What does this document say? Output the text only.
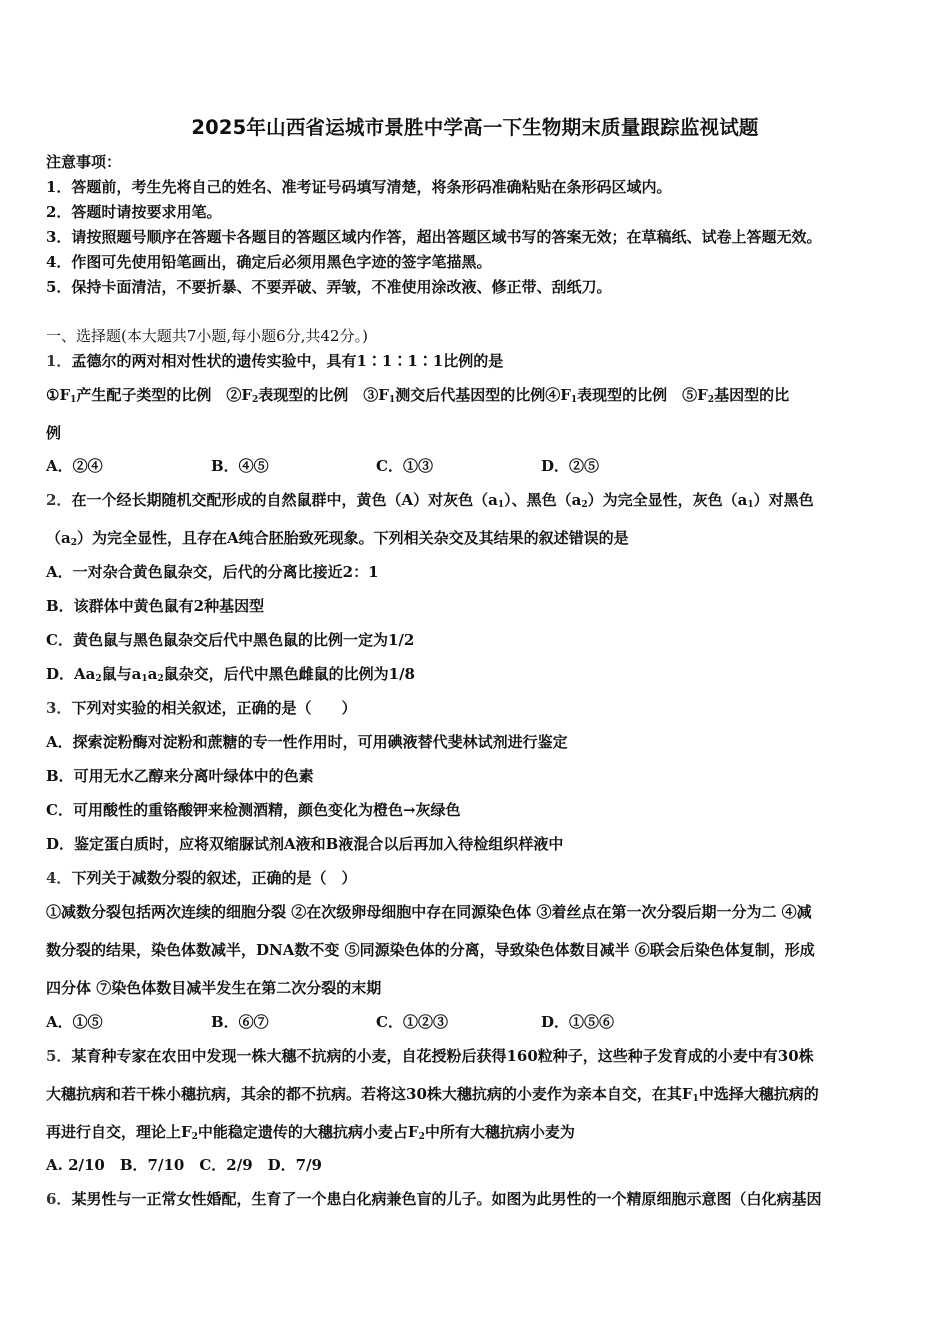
2025年山西省运城市景胜中学高一下生物期末质量跟踪监视试题
注意事项：
1．答题前，考生先将自己的姓名、准考证号码填写清楚，将条形码准确粘贴在条形码区域内。
2．答题时请按要求用笔。
3．请按照题号顺序在答题卡各题目的答题区域内作答，超出答题区域书写的答案无效；在草稿纸、试卷上答题无效。
4．作图可先使用铅笔画出，确定后必须用黑色字迹的签字笔描黑。
5．保持卡面清洁，不要折暴、不要弄破、弄皱，不准使用涂改液、修正带、刮纸刀。
一、选择题(本大题共7小题,每小题6分,共42分。)
1．孟德尔的两对相对性状的遗传实验中，具有1∶1∶1∶1比例的是
$①F_1$产生配子类型的比例　$②F_2$表现型的比例　$③F_1$测交后代基因型的比例$④F_1$表现型的比例　$⑤F_2$基因型的比
例
A．②④	B．④⑤	C．①③	D．②⑤
2．在一个经长期随机交配形成的自然鼠群中，黄色（A）对灰色$(a_1)$、黑色$(a_2)$为完全显性，灰色$(a_1)$对黑色
$(a_2)$为完全显性，且存在A纯合胚胎致死现象。下列相关杂交及其结果的叙述错误的是
A．一对杂合黄色鼠杂交，后代的分离比接近2：1
B．该群体中黄色鼠有2种基因型
C．黄色鼠与黑色鼠杂交后代中黑色鼠的比例一定为1/2
D．$Aa_2$鼠与$a_1a_2$鼠杂交，后代中黑色雌鼠的比例为1/8
3．下列对实验的相关叙述，正确的是（　　）
A．探索淀粉酶对淀粉和蔗糖的专一性作用时，可用碘液替代斐林试剂进行鉴定
B．可用无水乙醇来分离叶绿体中的色素
C．可用酸性的重铬酸钾来检测酒精，颜色变化为橙色→灰绿色
D．鉴定蛋白质时，应将双缩脲试剂A液和B液混合以后再加入待检组织样液中
4．下列关于减数分裂的叙述，正确的是（　）
①减数分裂包括两次连续的细胞分裂 ②在次级卵母细胞中存在同源染色体 ③着丝点在第一次分裂后期一分为二 ④减
数分裂的结果，染色体数减半，DNA数不变 ⑤同源染色体的分离，导致染色体数目减半 ⑥联会后染色体复制，形成
四分体 ⑦染色体数目减半发生在第二次分裂的末期
A．①⑤	B．⑥⑦	C．①②③	D．①⑤⑥
5．某育种专家在农田中发现一株大穗不抗病的小麦，自花授粉后获得160粒种子，这些种子发育成的小麦中有30株
大穗抗病和若干株小穗抗病，其余的都不抗病。若将这30株大穗抗病的小麦作为亲本自交，在其$F_1$中选择大穗抗病的
再进行自交，理论上$F_2$中能稳定遗传的大穗抗病小麦占$F_2$中所有大穗抗病小麦为
A. 2/10　B．7/10　C．2/9　D．7/9
6．某男性与一正常女性婚配，生育了一个患白化病兼色盲的儿子。如图为此男性的一个精原细胞示意图（白化病基因
